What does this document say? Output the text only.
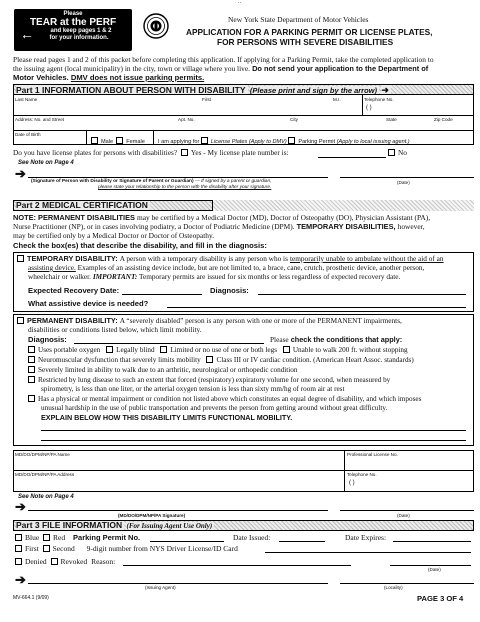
' '
Please
TEAR at the PERF
and keep pages 1 & 2
for your information.
←
New York State Department of Motor Vehicles
APPLICATION FOR A PARKING PERMIT OR LICENSE PLATES,
FOR PERSONS WITH SEVERE DISABILITIES
Please read pages 1 and 2 of this packet before completing this application. If applying for a Parking Permit, take the completed application to
the issuing agent (local municipality) in the city, town or village where you live. Do not send your application to the Department of
Motor Vehicles. DMV does not issue parking permits.
Part 1 INFORMATION ABOUT PERSON WITH DISABILITY (Please print and sign by the arrow) ➜
Last Name	First	M.I.	Telephone No.
( )
Address: No. and Street	Apt. No.	City	State	Zip Code
Date of Birth
Male Female I am applying for License Plates (Apply to DMV) Parking Permit (Apply to local issuing agent.)
Do you have license plates for persons with disabilities? Yes - My license plate number is:	No
See Note on Page 4
➔
(Signature of Person with Disability or Signature of Parent or Guardian) — If signed by a parent or guardian,
please state your relationship to the person with the disability after your signature.
(Date)
Part 2 MEDICAL CERTIFICATION
NOTE: PERMANENT DISABILITIES may be certified by a Medical Doctor (MD), Doctor of Osteopathy (DO), Physician Assistant (PA),
Nurse Practitioner (NP), or in cases involving podiatry, a Doctor of Podiatric Medicine (DPM). TEMPORARY DISABILITIES, however,
may be certified only by a Medical Doctor or Doctor of Osteopathy.
Check the box(es) that describe the disability, and fill in the diagnosis:
TEMPORARY DISABILITY: A person with a temporary disability is any person who is temporarily unable to ambulate without the aid of an
assisting device. Examples of an assisting device include, but are not limited to, a brace, cane, crutch, prosthetic device, another person,
wheelchair or walker. IMPORTANT: Temporary permits are issued for six months or less regardless of expected recovery date.
Expected Recovery Date:	Diagnosis:
What assistive device is needed?
PERMANENT DISABILITY: A “severely disabled” person is any person with one or more of the PERMANENT impairments,
disabilities or conditions listed below, which limit mobility.
Diagnosis:	Please check the conditions that apply:
Uses portable oxygen Legally blind Limited or no use of one or both legs Unable to walk 200 ft. without stopping
Neuromuscular dysfunction that severely limits mobility Class III or IV cardiac condition. (American Heart Assoc. standards)
Severely limited in ability to walk due to an arthritic, neurological or orthopedic condition
Restricted by lung disease to such an extent that forced (respiratory) expiratory volume for one second, when measured by
spirometry, is less than one liter, or the arterial oxygen tension is less than sixty mm/hg of room air at rest
Has a physical or mental impairment or condition not listed above which constitutes an equal degree of disability, and which imposes
unusual hardship in the use of public transportation and prevents the person from getting around without great difficulty.
EXPLAIN BELOW HOW THIS DISABILITY LIMITS FUNCTIONAL MOBILITY.
MD/DO/DPM/NP/PA Name	Professional License No.
MD/DO/DPM/NP/PA Address	Telephone No.
( )
See Note on Page 4
➔
(MD/DO/DPM/NP/PA Signature)	(Date)
Part 3 FILE INFORMATION (For Issuing Agent Use Only)
Blue Red Parking Permit No.	Date Issued:	Date Expires:
First Second 9-digit number from NYS Driver License/ID Card
Denied Revoked Reason:
(Date)
➔
(Issuing Agent)	(Locality)
MV-664.1 (9/09)	PAGE 3 OF 4
